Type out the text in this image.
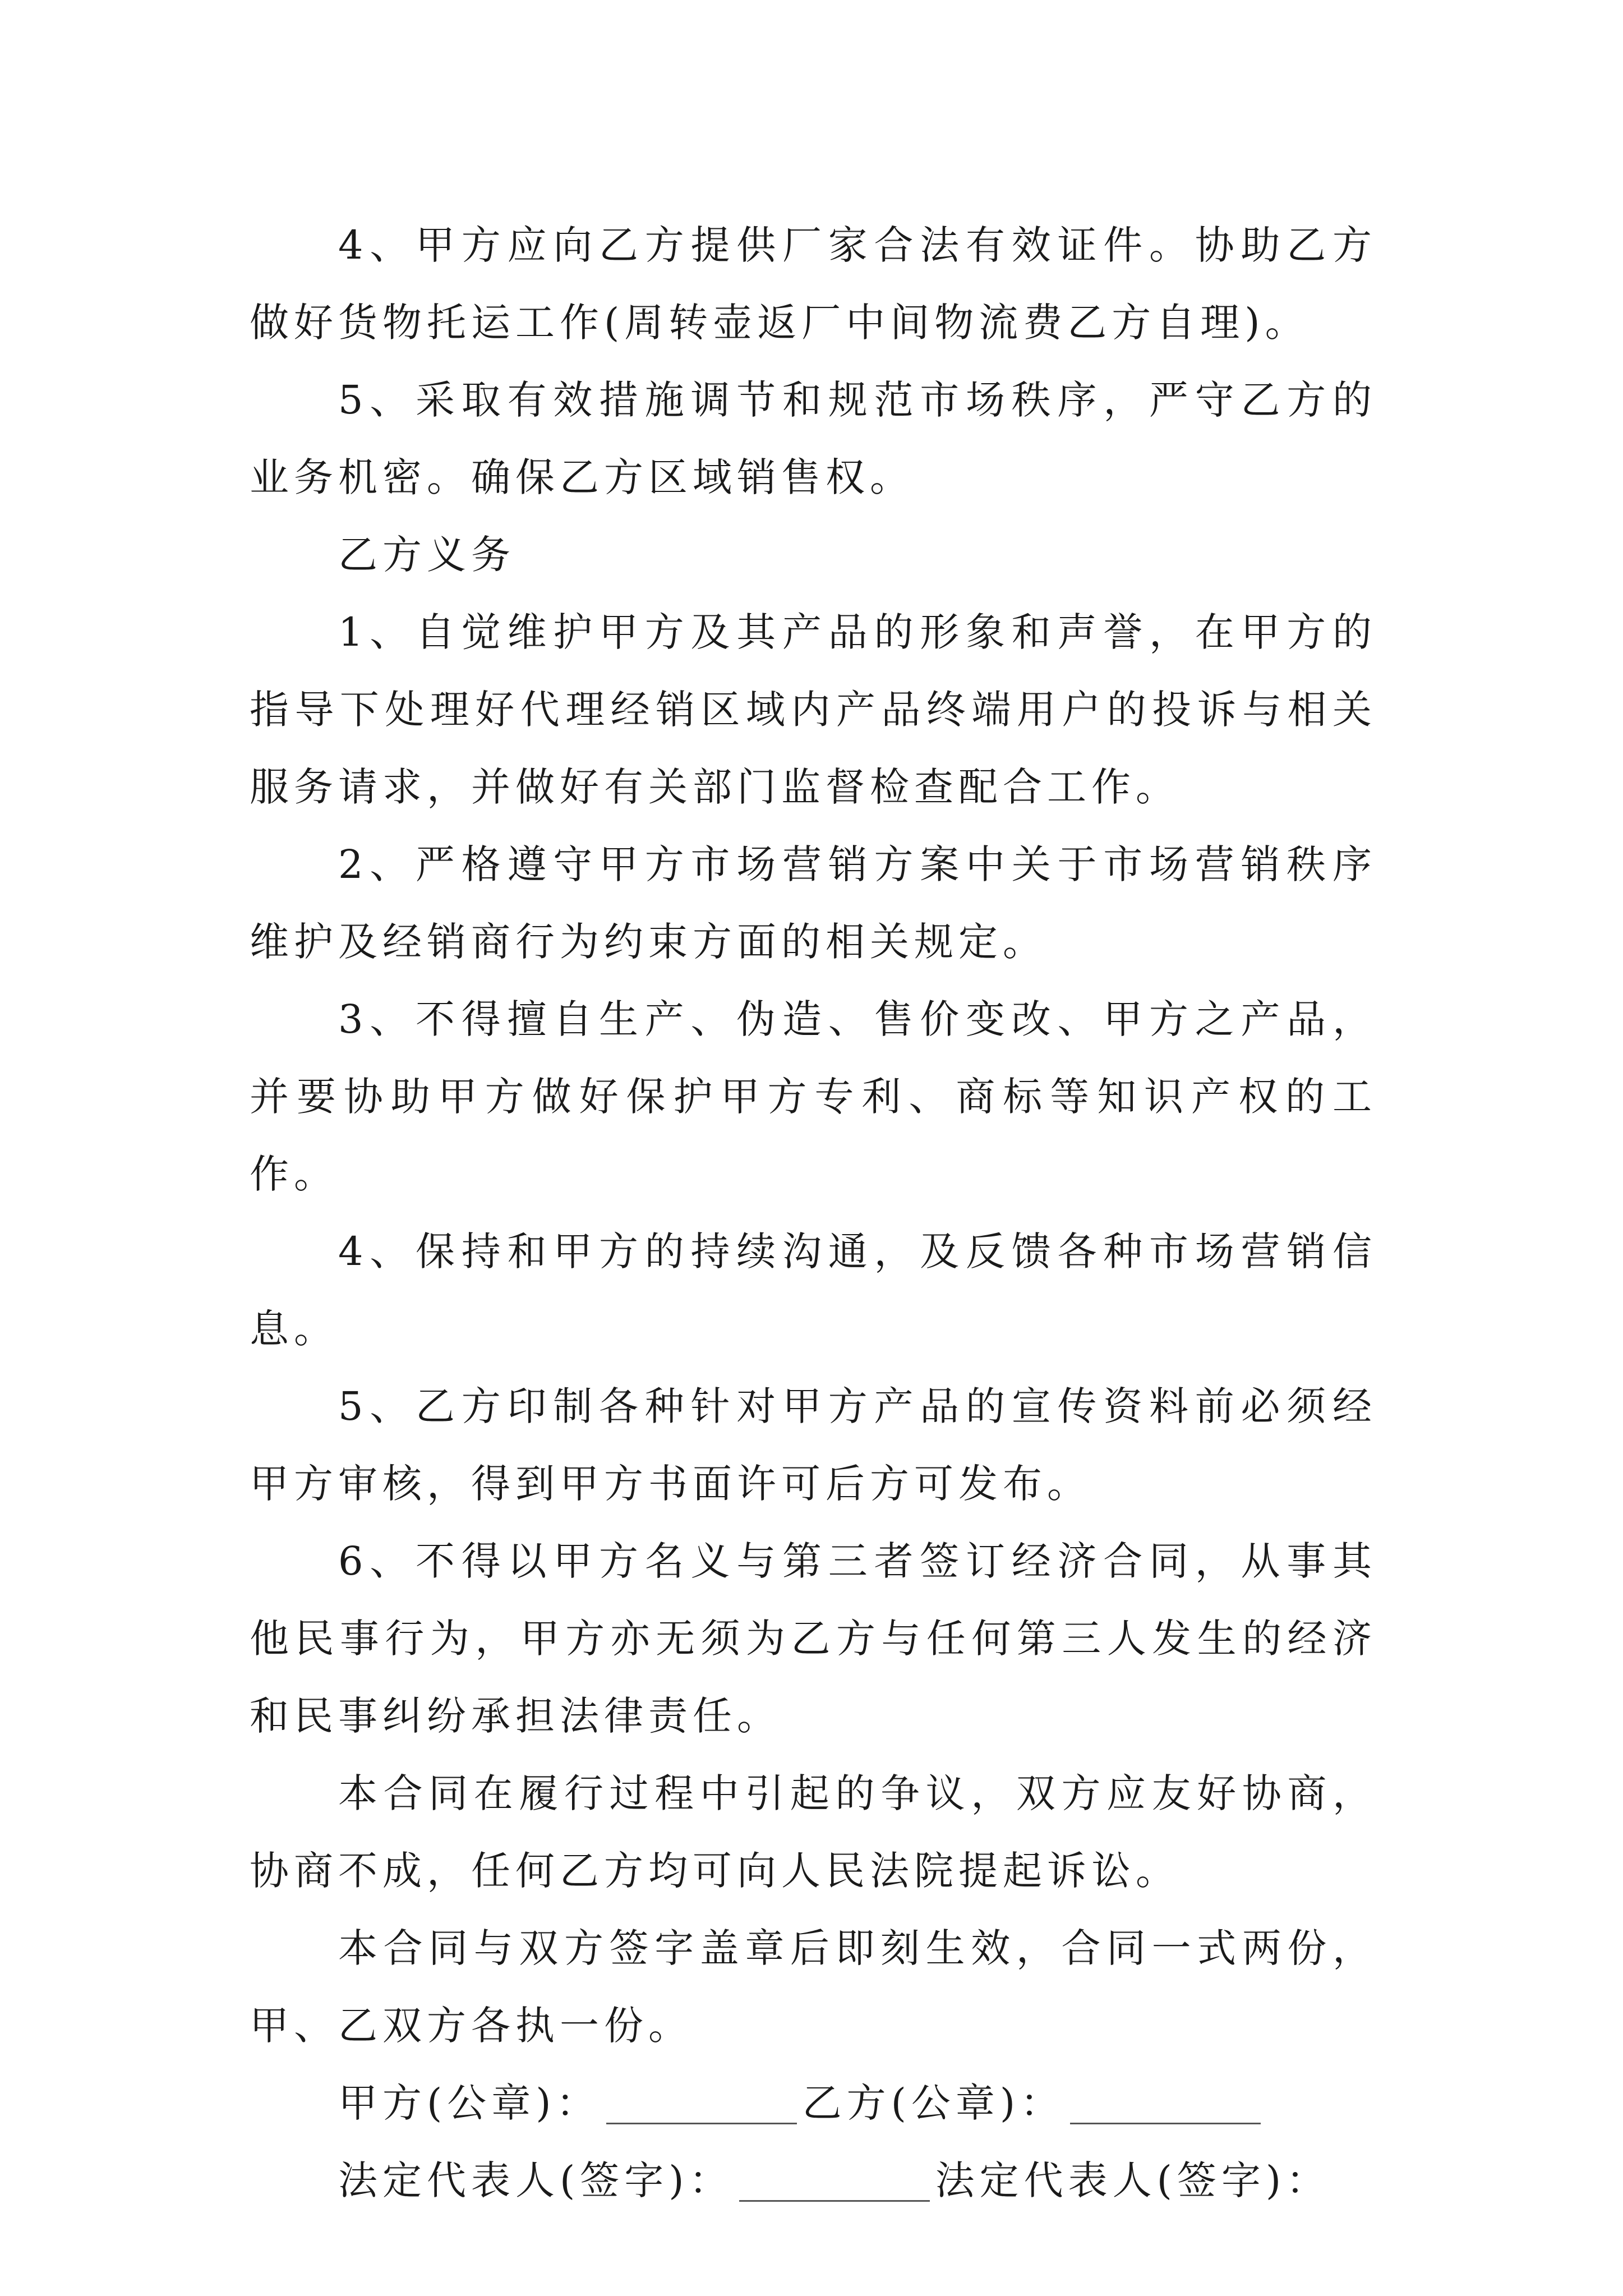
4、甲方应向乙方提供厂家合法有效证件。协助乙方做好货物托运工作(周转壶返厂中间物流费乙方自理)。

5、采取有效措施调节和规范市场秩序，严守乙方的业务机密。确保乙方区域销售权。

乙方义务

1、自觉维护甲方及其产品的形象和声誉，在甲方的指导下处理好代理经销区域内产品终端用户的投诉与相关服务请求，并做好有关部门监督检查配合工作。

2、严格遵守甲方市场营销方案中关于市场营销秩序维护及经销商行为约束方面的相关规定。

3、不得擅自生产、伪造、售价变改、甲方之产品，并要协助甲方做好保护甲方专利、商标等知识产权的工作。

4、保持和甲方的持续沟通，及反馈各种市场营销信息。

5、乙方印制各种针对甲方产品的宣传资料前必须经甲方审核，得到甲方书面许可后方可发布。

6、不得以甲方名义与第三者签订经济合同，从事其他民事行为，甲方亦无须为乙方与任何第三人发生的经济和民事纠纷承担法律责任。

本合同在履行过程中引起的争议，双方应友好协商，协商不成，任何乙方均可向人民法院提起诉讼。

本合同与双方签字盖章后即刻生效，合同一式两份，甲、乙双方各执一份。

甲方(公章)：	乙方(公章)：
法定代表人(签字)：	法定代表人(签字)：
